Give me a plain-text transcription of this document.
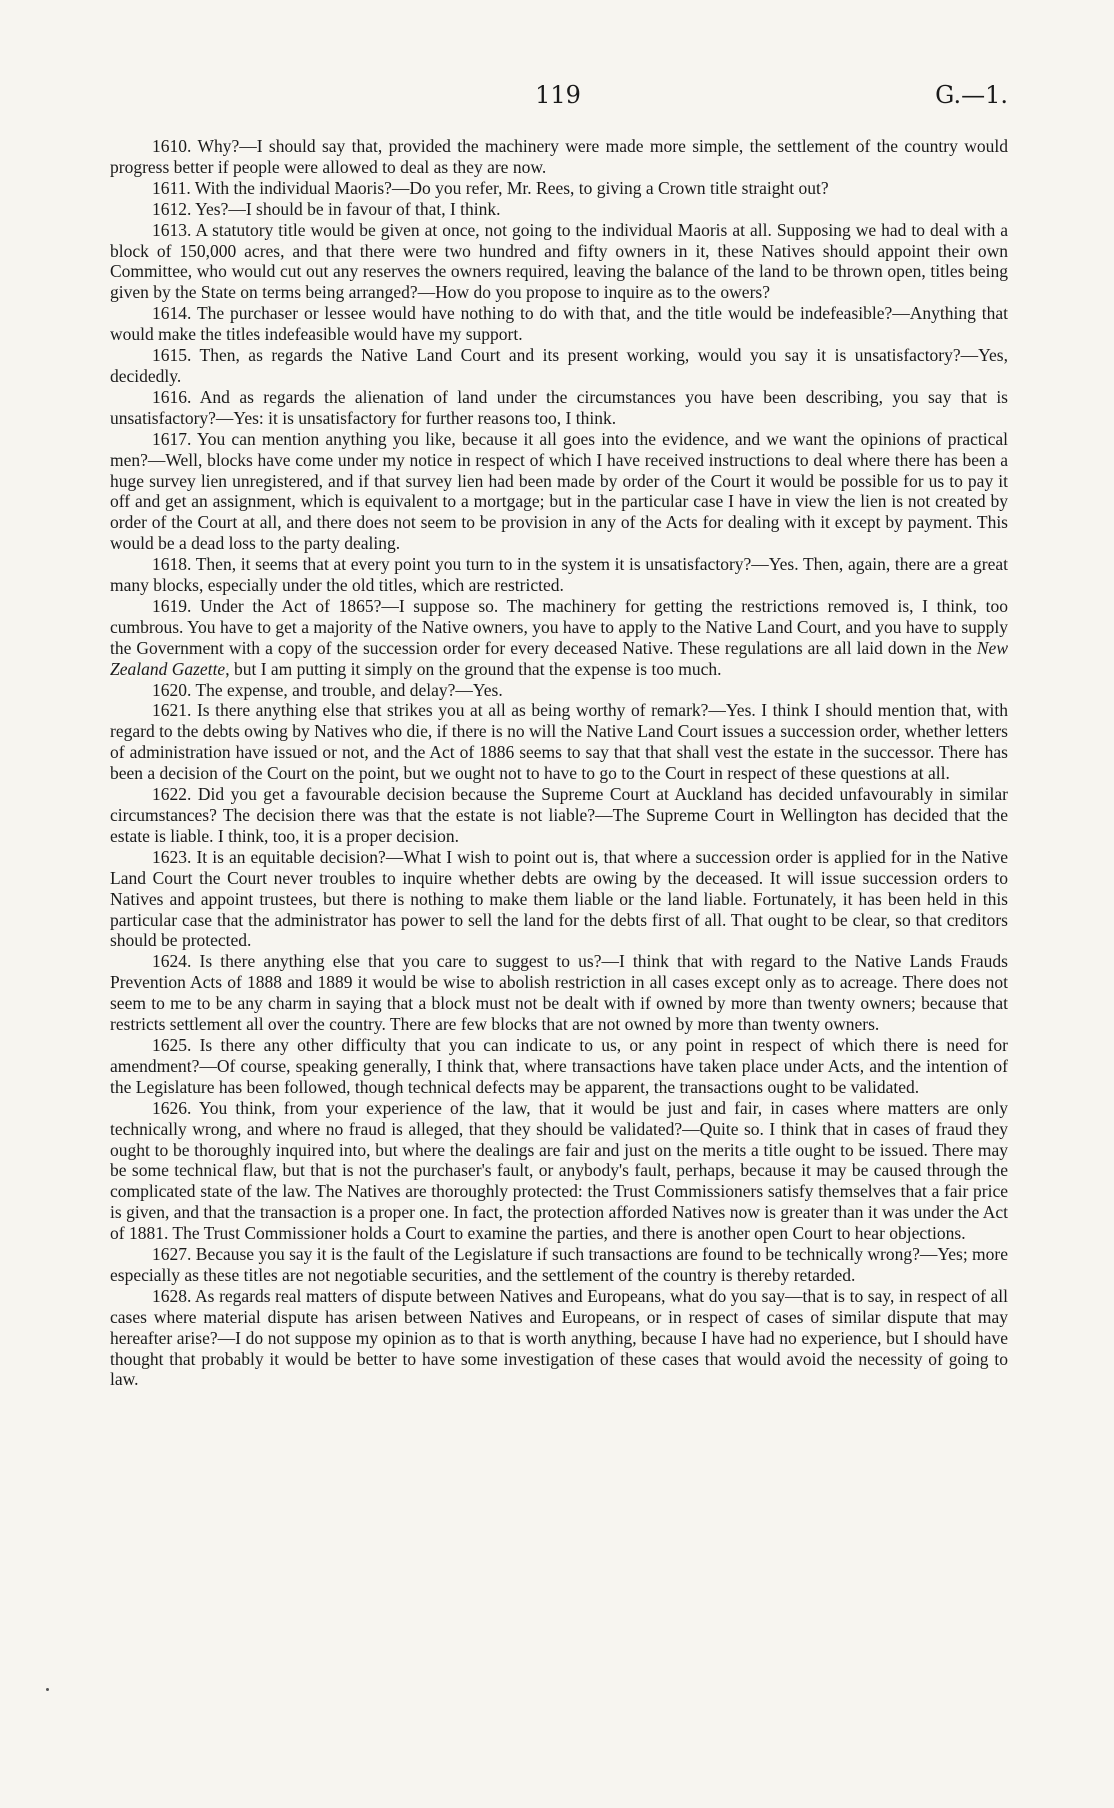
119	G.—1.

1610. Why?—I should say that, provided the machinery were made more simple, the settlement of the country would progress better if people were allowed to deal as they are now.

1611. With the individual Maoris?—Do you refer, Mr. Rees, to giving a Crown title straight out?

1612. Yes?—I should be in favour of that, I think.

1613. A statutory title would be given at once, not going to the individual Maoris at all. Supposing we had to deal with a block of 150,000 acres, and that there were two hundred and fifty owners in it, these Natives should appoint their own Committee, who would cut out any reserves the owners required, leaving the balance of the land to be thrown open, titles being given by the State on terms being arranged?—How do you propose to inquire as to the owers?

1614. The purchaser or lessee would have nothing to do with that, and the title would be indefeasible?—Anything that would make the titles indefeasible would have my support.

1615. Then, as regards the Native Land Court and its present working, would you say it is unsatisfactory?—Yes, decidedly.

1616. And as regards the alienation of land under the circumstances you have been describing, you say that is unsatisfactory?—Yes: it is unsatisfactory for further reasons too, I think.

1617. You can mention anything you like, because it all goes into the evidence, and we want the opinions of practical men?—Well, blocks have come under my notice in respect of which I have received instructions to deal where there has been a huge survey lien unregistered, and if that survey lien had been made by order of the Court it would be possible for us to pay it off and get an assignment, which is equivalent to a mortgage; but in the particular case I have in view the lien is not created by order of the Court at all, and there does not seem to be provision in any of the Acts for dealing with it except by payment. This would be a dead loss to the party dealing.

1618. Then, it seems that at every point you turn to in the system it is unsatisfactory?—Yes. Then, again, there are a great many blocks, especially under the old titles, which are restricted.

1619. Under the Act of 1865?—I suppose so. The machinery for getting the restrictions removed is, I think, too cumbrous. You have to get a majority of the Native owners, you have to apply to the Native Land Court, and you have to supply the Government with a copy of the succession order for every deceased Native. These regulations are all laid down in the New Zealand Gazette, but I am putting it simply on the ground that the expense is too much.

1620. The expense, and trouble, and delay?—Yes.

1621. Is there anything else that strikes you at all as being worthy of remark?—Yes. I think I should mention that, with regard to the debts owing by Natives who die, if there is no will the Native Land Court issues a succession order, whether letters of administration have issued or not, and the Act of 1886 seems to say that that shall vest the estate in the successor. There has been a decision of the Court on the point, but we ought not to have to go to the Court in respect of these questions at all.

1622. Did you get a favourable decision because the Supreme Court at Auckland has decided unfavourably in similar circumstances? The decision there was that the estate is not liable?—The Supreme Court in Wellington has decided that the estate is liable. I think, too, it is a proper decision.

1623. It is an equitable decision?—What I wish to point out is, that where a succession order is applied for in the Native Land Court the Court never troubles to inquire whether debts are owing by the deceased. It will issue succession orders to Natives and appoint trustees, but there is nothing to make them liable or the land liable. Fortunately, it has been held in this particular case that the administrator has power to sell the land for the debts first of all. That ought to be clear, so that creditors should be protected.

1624. Is there anything else that you care to suggest to us?—I think that with regard to the Native Lands Frauds Prevention Acts of 1888 and 1889 it would be wise to abolish restriction in all cases except only as to acreage. There does not seem to me to be any charm in saying that a block must not be dealt with if owned by more than twenty owners; because that restricts settlement all over the country. There are few blocks that are not owned by more than twenty owners.

1625. Is there any other difficulty that you can indicate to us, or any point in respect of which there is need for amendment?—Of course, speaking generally, I think that, where transactions have taken place under Acts, and the intention of the Legislature has been followed, though technical defects may be apparent, the transactions ought to be validated.

1626. You think, from your experience of the law, that it would be just and fair, in cases where matters are only technically wrong, and where no fraud is alleged, that they should be validated?—Quite so. I think that in cases of fraud they ought to be thoroughly inquired into, but where the dealings are fair and just on the merits a title ought to be issued. There may be some technical flaw, but that is not the purchaser's fault, or anybody's fault, perhaps, because it may be caused through the complicated state of the law. The Natives are thoroughly protected: the Trust Commissioners satisfy themselves that a fair price is given, and that the transaction is a proper one. In fact, the protection afforded Natives now is greater than it was under the Act of 1881. The Trust Commissioner holds a Court to examine the parties, and there is another open Court to hear objections.

1627. Because you say it is the fault of the Legislature if such transactions are found to be technically wrong?—Yes; more especially as these titles are not negotiable securities, and the settlement of the country is thereby retarded.

1628. As regards real matters of dispute between Natives and Europeans, what do you say—that is to say, in respect of all cases where material dispute has arisen between Natives and Europeans, or in respect of cases of similar dispute that may hereafter arise?—I do not suppose my opinion as to that is worth anything, because I have had no experience, but I should have thought that probably it would be better to have some investigation of these cases that would avoid the necessity of going to law.
